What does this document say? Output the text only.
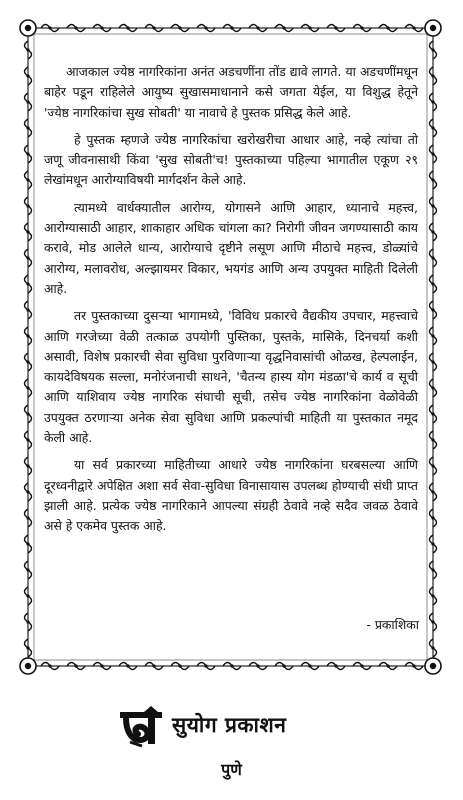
आजकाल ज्येष्ठ नागरिकांना अनंत अडचणींना तोंड द्यावे लागते. या अडचणींमधून बाहेर पडून राहिलेले आयुष्य सुखासमाधानाने कसे जगता येईल, या विशुद्ध हेतूने 'ज्येष्ठ नागरिकांचा सुख सोबती' या नावाचे हे पुस्तक प्रसिद्ध केले आहे.

हे पुस्तक म्हणजे ज्येष्ठ नागरिकांचा खरोखरीचा आधार आहे, नव्हे त्यांचा तो जणू जीवनासाथी किंवा 'सुख सोबती'च! पुस्तकाच्या पहिल्या भागातील एकूण २९ लेखांमधून आरोग्याविषयी मार्गदर्शन केले आहे.

त्यामध्ये वार्धक्यातील आरोग्य, योगासने आणि आहार, ध्यानाचे महत्त्व, आरोग्यासाठी आहार, शाकाहार अधिक चांगला का? निरोगी जीवन जगण्यासाठी काय करावे, मोड आलेले धान्य, आरोग्याचे दृष्टीने लसूण आणि मीठाचे महत्त्व, डोळ्यांचे आरोग्य, मलावरोध, अल्झायमर विकार, भयगंड आणि अन्य उपयुक्त माहिती दिलेली आहे.

तर पुस्तकाच्या दुसऱ्या भागामध्ये, 'विविध प्रकारचे वैद्यकीय उपचार, महत्त्वाचे आणि गरजेच्या वेळी तत्काळ उपयोगी पुस्तिका, पुस्तके, मासिके, दिनचर्या कशी असावी, विशेष प्रकारची सेवा सुविधा पुरविणाऱ्या वृद्धनिवासांची ओळख, हेल्पलाईन, कायदेविषयक सल्ला, मनोरंजनाची साधने, 'चैतन्य हास्य योग मंडळा'चे कार्य व सूची आणि याशिवाय ज्येष्ठ नागरिक संघाची सूची, तसेच ज्येष्ठ नागरिकांना वेळोवेळी उपयुक्त ठरणाऱ्या अनेक सेवा सुविधा आणि प्रकल्पांची माहिती या पुस्तकात नमूद केली आहे.

या सर्व प्रकारच्या माहितीच्या आधारे ज्येष्ठ नागरिकांना घरबसल्या आणि दूरध्वनीद्वारे अपेक्षित अशा सर्व सेवा-सुविधा विनासायास उपलब्ध होण्याची संधी प्राप्त झाली आहे. प्रत्येक ज्येष्ठ नागरिकाने आपल्या संग्रही ठेवावे नव्हे सदैव जवळ ठेवावे असे हे एकमेव पुस्तक आहे.

- प्रकाशिका
सुयोग प्रकाशन
पुणे
